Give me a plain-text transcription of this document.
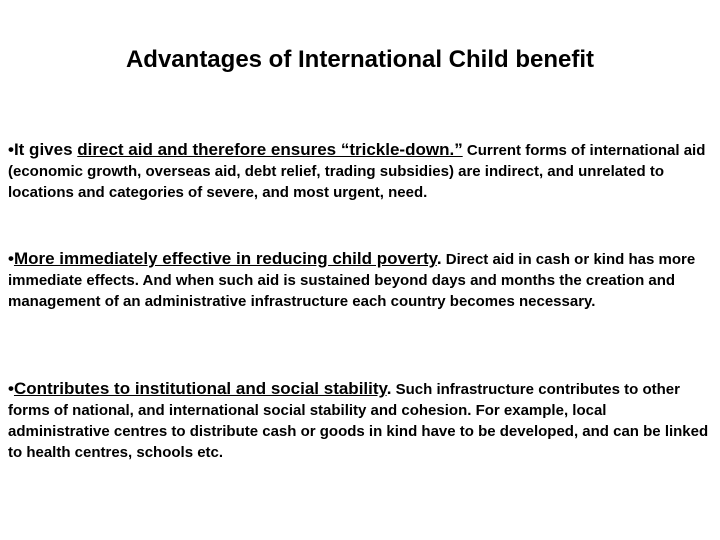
Advantages of International Child benefit

•It gives direct aid and therefore ensures “trickle-down.” Current forms of international aid (economic growth, overseas aid, debt relief, trading subsidies) are indirect, and unrelated to locations and categories of severe, and most urgent, need.

•More immediately effective in reducing child poverty. Direct aid in cash or kind has more immediate effects. And when such aid is sustained beyond days and months the creation and management of an administrative infrastructure each country becomes necessary.

•Contributes to institutional and social stability. Such infrastructure contributes to other forms of national, and international social stability and cohesion. For example, local administrative centres to distribute cash or goods in kind have to be developed, and can be linked to health centres, schools etc.
